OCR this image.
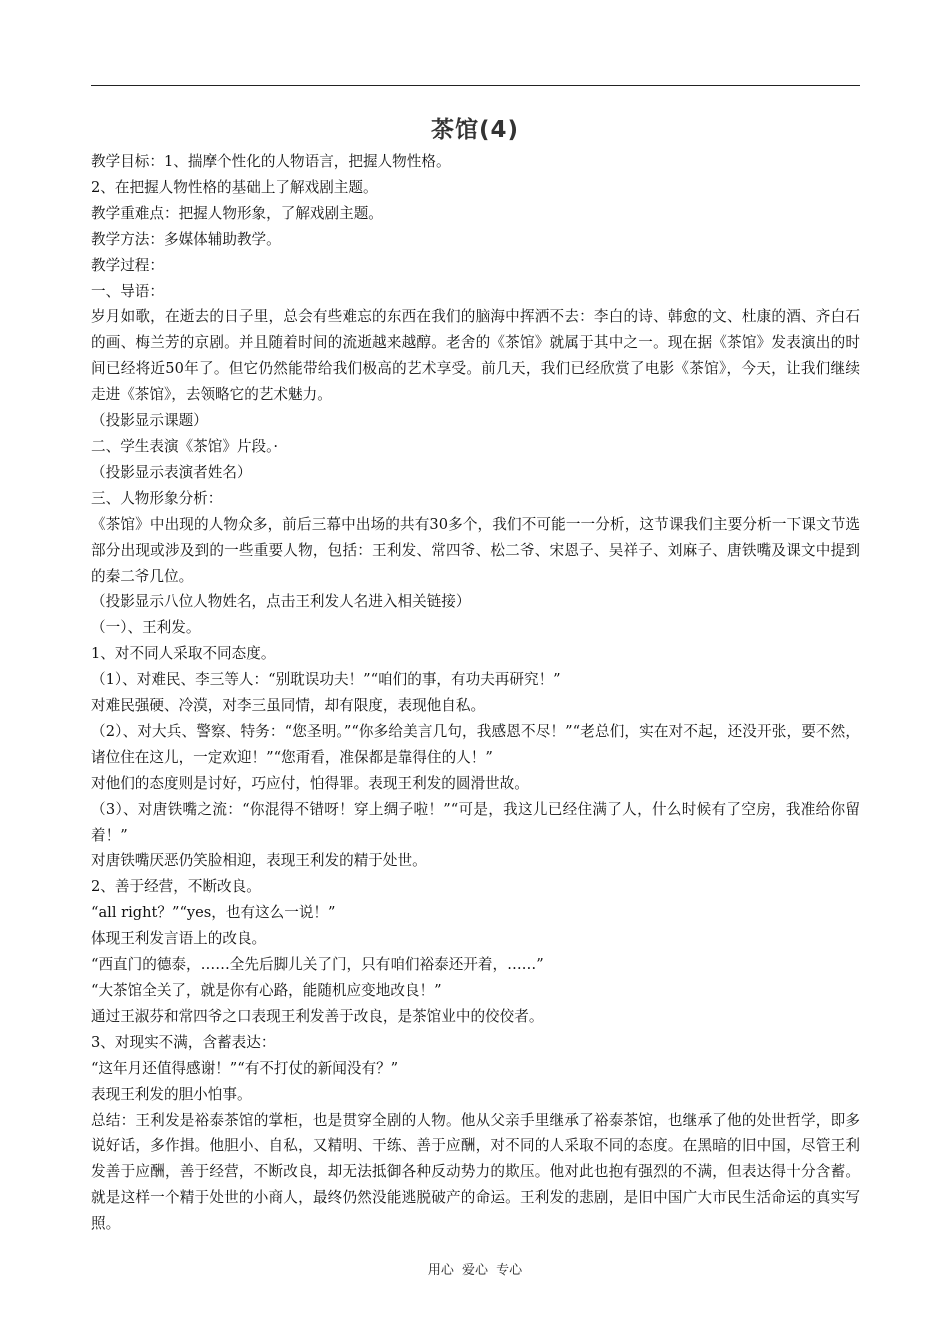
茶馆(4)

教学目标：1、揣摩个性化的人物语言，把握人物性格。

2、在把握人物性格的基础上了解戏剧主题。

教学重难点：把握人物形象，了解戏剧主题。

教学方法：多媒体辅助教学。

教学过程：

一、导语：

岁月如歌，在逝去的日子里，总会有些难忘的东西在我们的脑海中挥洒不去：李白的诗、韩愈的文、杜康的酒、齐白石的画、梅兰芳的京剧。并且随着时间的流逝越来越醇。老舍的《茶馆》就属于其中之一。现在据《茶馆》发表演出的时间已经将近50年了。但它仍然能带给我们极高的艺术享受。前几天，我们已经欣赏了电影《茶馆》，今天，让我们继续走进《茶馆》，去领略它的艺术魅力。

（投影显示课题）

二、学生表演《茶馆》片段。·

（投影显示表演者姓名）

三、人物形象分析：

《茶馆》中出现的人物众多，前后三幕中出场的共有30多个，我们不可能一一分析，这节课我们主要分析一下课文节选部分出现或涉及到的一些重要人物，包括：王利发、常四爷、松二爷、宋恩子、吴祥子、刘麻子、唐铁嘴及课文中提到的秦二爷几位。

（投影显示八位人物姓名，点击王利发人名进入相关链接）

（一）、王利发。

1、对不同人采取不同态度。

（1）、对难民、李三等人：“别耽误功夫！”“咱们的事，有功夫再研究！”

对难民强硬、冷漠，对李三虽同情，却有限度，表现他自私。

（2）、对大兵、警察、特务：“您圣明。”“你多给美言几句，我感恩不尽！”“老总们，实在对不起，还没开张，要不然，诸位住在这儿，一定欢迎！”“您甭看，准保都是靠得住的人！”

对他们的态度则是讨好，巧应付，怕得罪。表现王利发的圆滑世故。

（3）、对唐铁嘴之流：“你混得不错呀！穿上绸子啦！”“可是，我这儿已经住满了人，什么时候有了空房，我准给你留着！”

对唐铁嘴厌恶仍笑脸相迎，表现王利发的精于处世。

2、善于经营，不断改良。

“all right？”“yes，也有这么一说！”

体现王利发言语上的改良。

“西直门的德泰，……全先后脚儿关了门，只有咱们裕泰还开着，……”

“大茶馆全关了，就是你有心路，能随机应变地改良！”

通过王淑芬和常四爷之口表现王利发善于改良，是茶馆业中的佼佼者。

3、对现实不满，含蓄表达：

“这年月还值得感谢！”“有不打仗的新闻没有？”

表现王利发的胆小怕事。

总结：王利发是裕泰茶馆的掌柜，也是贯穿全剧的人物。他从父亲手里继承了裕泰茶馆，也继承了他的处世哲学，即多说好话，多作揖。他胆小、自私，又精明、干练、善于应酬，对不同的人采取不同的态度。在黑暗的旧中国，尽管王利发善于应酬，善于经营，不断改良，却无法抵御各种反动势力的欺压。他对此也抱有强烈的不满，但表达得十分含蓄。就是这样一个精于处世的小商人，最终仍然没能逃脱破产的命运。王利发的悲剧，是旧中国广大市民生活命运的真实写照。

用心 爱心 专心
